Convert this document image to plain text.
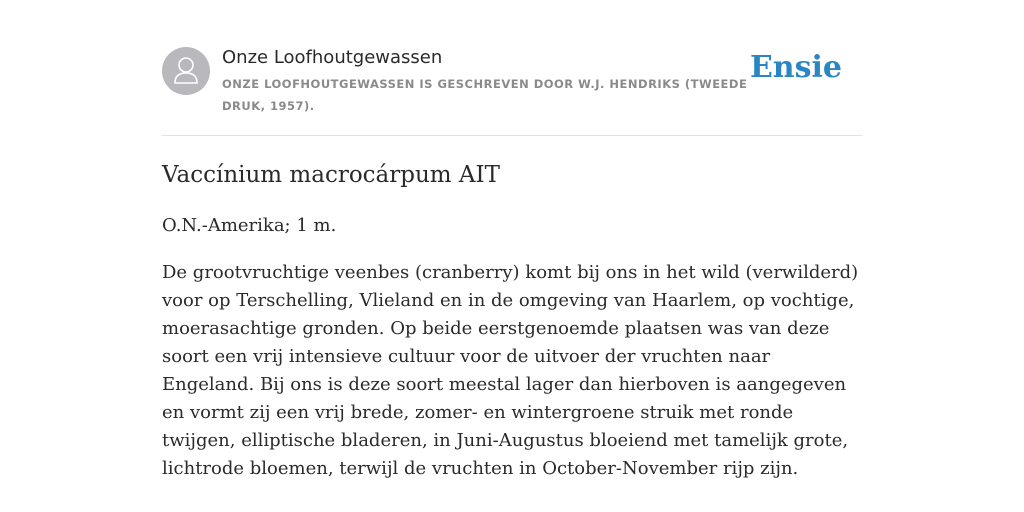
Onze Loofhoutgewassen

ONZE LOOFHOUTGEWASSEN IS GESCHREVEN DOOR W.J. HENDRIKS (TWEEDE DRUK, 1957).

Ensie
Vaccínium macrocárpum AIT

O.N.-Amerika; 1 m.

De grootvruchtige veenbes (cranberry) komt bij ons in het wild (verwilderd) voor op Terschelling, Vlieland en in de omgeving van Haarlem, op vochtige, moerasachtige gronden. Op beide eerstgenoemde plaatsen was van deze soort een vrij intensieve cultuur voor de uitvoer der vruchten naar Engeland. Bij ons is deze soort meestal lager dan hierboven is aangegeven en vormt zij een vrij brede, zomer- en wintergroene struik met ronde twijgen, elliptische bladeren, in Juni-Augustus bloeiend met tamelijk grote, lichtrode bloemen, terwijl de vruchten in October-November rijp zijn.
